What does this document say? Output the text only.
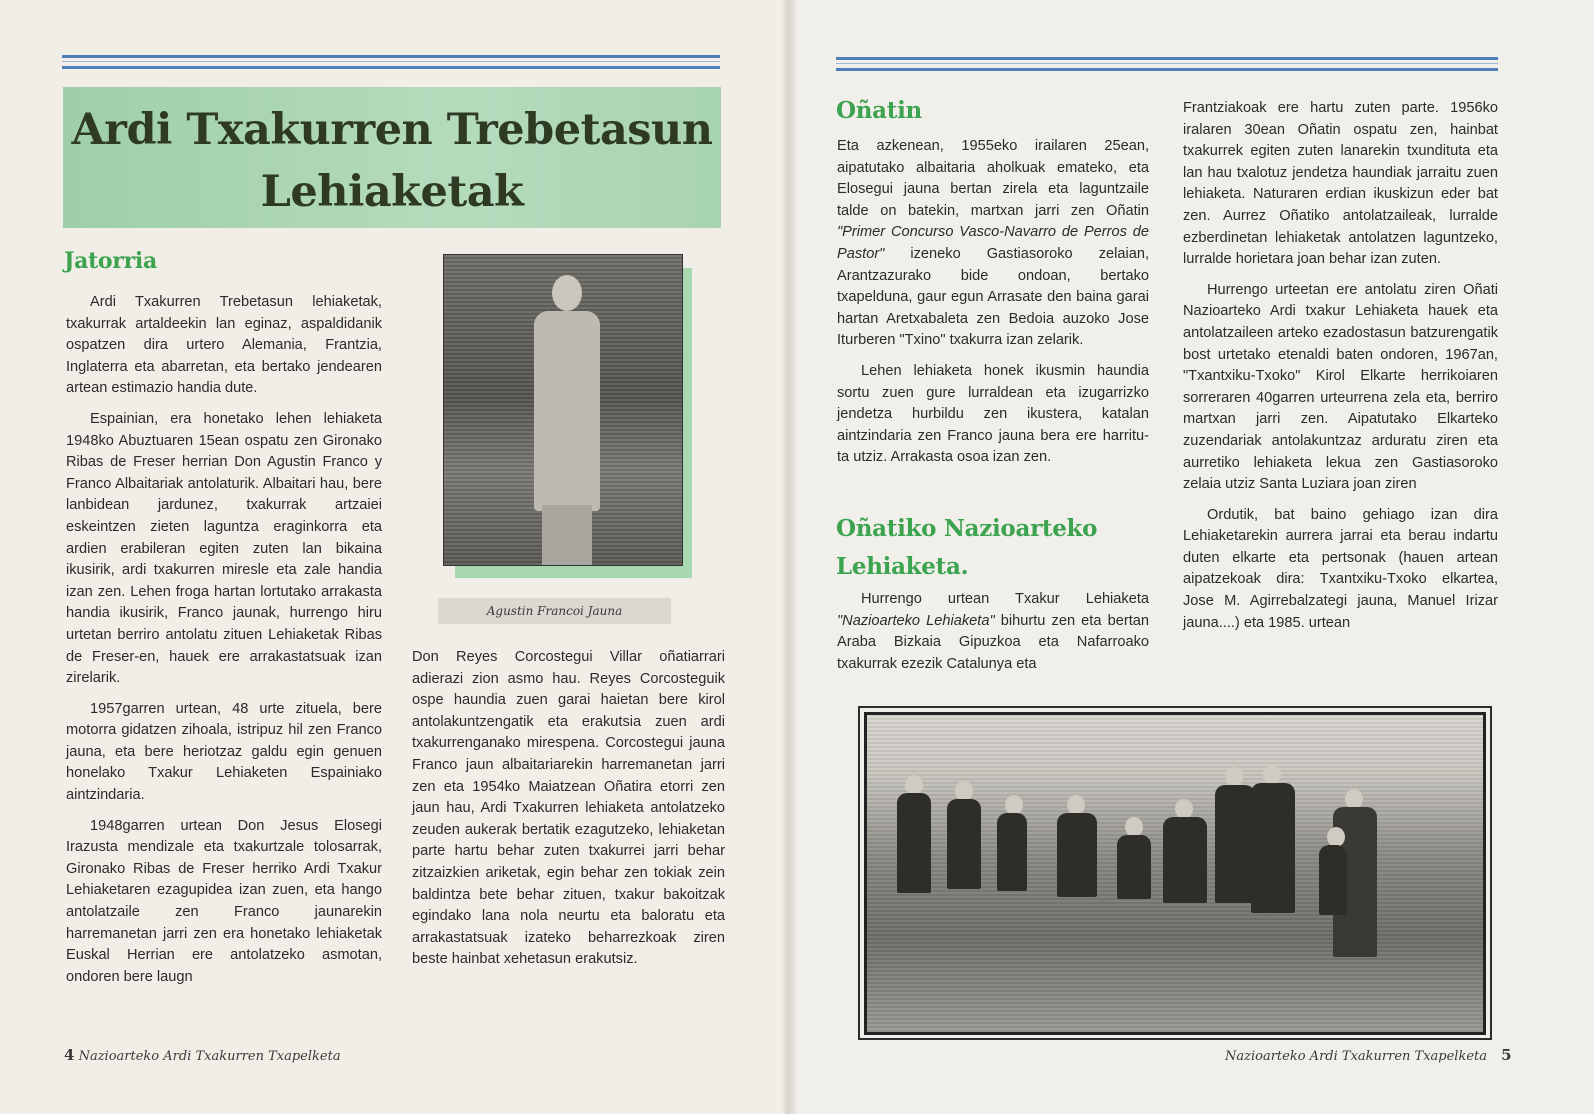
Ardi Txakurren Trebetasun Lehiaketak
Jatorria

Ardi Txakurren Trebetasun lehiaketak, txakurrak artaldeekin lan eginaz, aspaldidanik ospatzen dira urtero Alemania, Frantzia, Inglaterra eta abarretan, eta bertako jendearen artean estimazio handia dute.

Espainian, era honetako lehen lehiaketa 1948ko Abuztuaren 15ean ospatu zen Gironako Ribas de Freser herrian Don Agustin Franco y Franco Albaitariak antolaturik. Albaitari hau, bere lanbidean jardunez, txakurrak artzaiei eskeintzen zieten laguntza eraginkorra eta ardien erabileran egiten zuten lan bikaina ikusirik, ardi txakurren miresle eta zale handia izan zen. Lehen froga hartan lortutako arrakasta handia ikusirik, Franco jaunak, hurrengo hiru urtetan berriro antolatu zituen Lehiaketak Ribas de Freser-en, hauek ere arrakastatsuak izan zirelarik.

1957garren urtean, 48 urte zituela, bere motorra gidatzen zihoala, istripuz hil zen Franco jauna, eta bere heriotzaz galdu egin genuen honelako Txakur Lehiaketen Espainiako aintzindaria.

1948garren urtean Don Jesus Elosegi Irazusta mendizale eta txakurtzale tolosarrak, Gironako Ribas de Freser herriko Ardi Txakur Lehiaketaren ezagupidea izan zuen, eta hango antolatzaile zen Franco jaunarekin harremanetan jarri zen era honetako lehiaketak Euskal Herrian ere antolatzeko asmotan, ondoren bere laugn

Agustin Francoi Jauna

Don Reyes Corcostegui Villar oñatiarrari adierazi zion asmo hau. Reyes Corcosteguik ospe haundia zuen garai haietan bere kirol antolakuntzengatik eta erakutsia zuen ardi txakurrenganako mirespena. Corcostegui jauna Franco jaun albaitariarekin harremanetan jarri zen eta 1954ko Maiatzean Oñatira etorri zen jaun hau, Ardi Txakurren lehiaketa antolatzeko zeuden aukerak bertatik ezagutzeko, lehiaketan parte hartu behar zuten txakurrei jarri behar zitzaizkien ariketak, egin behar zen tokiak zein baldintza bete behar zituen, txakur bakoitzak egindako lana nola neurtu eta baloratu eta arrakastatsuak izateko beharrezkoak ziren beste hainbat xehetasun erakutsiz.

4 Nazioarteko Ardi Txakurren Txapelketa
Oñatin

Eta azkenean, 1955eko irailaren 25ean, aipatutako albaitaria aholkuak emateko, eta Elosegui jauna bertan zirela eta laguntzaile talde on batekin, martxan jarri zen Oñatin "Primer Concurso Vasco-Navarro de Perros de Pastor" izeneko Gastiasoroko zelaian, Arantzazurako bide ondoan, bertako txapelduna, gaur egun Arrasate den baina garai hartan Aretxabaleta zen Bedoia auzoko Jose Iturberen "Txino" txakurra izan zelarik.

Lehen lehiaketa honek ikusmin haundia sortu zuen gure lurraldean eta izugarrizko jendetza hurbildu zen ikustera, katalan aintzindaria zen Franco jauna bera ere harritu-ta utziz. Arrakasta osoa izan zen.

Oñatiko Nazioarteko Lehiaketa.

Hurrengo urtean Txakur Lehiaketa "Nazioarteko Lehiaketa" bihurtu zen eta bertan Araba Bizkaia Gipuzkoa eta Nafarroako txakurrak ezezik Catalunya eta

Frantziakoak ere hartu zuten parte. 1956ko iralaren 30ean Oñatin ospatu zen, hainbat txakurrek egiten zuten lanarekin txundituta eta lan hau txalotuz jendetza haundiak jarraitu zuen lehiaketa. Naturaren erdian ikuskizun eder bat zen. Aurrez Oñatiko antolatzaileak, lurralde ezberdinetan lehiaketak antolatzen laguntzeko, lurralde horietara joan behar izan zuten.

Hurrengo urteetan ere antolatu ziren Oñati Nazioarteko Ardi txakur Lehiaketa hauek eta antolatzaileen arteko ezadostasun batzurengatik bost urtetako etenaldi baten ondoren, 1967an, "Txantxiku-Txoko" Kirol Elkarte herrikoiaren sorreraren 40garren urteurrena zela eta, berriro martxan jarri zen. Aipatutako Elkarteko zuzendariak antolakuntzaz arduratu ziren eta aurretiko lehiaketa lekua zen Gastiasoroko zelaia utziz Santa Luziara joan ziren

Ordutik, bat baino gehiago izan dira Lehiaketarekin aurrera jarrai eta berau indartu duten elkarte eta pertsonak (hauen artean aipatzekoak dira: Txantxiku-Txoko elkartea, Jose M. Agirrebalzategi jauna, Manuel Irizar jauna....) eta 1985. urtean

Nazioarteko Ardi Txakurren Txapelketa 5
